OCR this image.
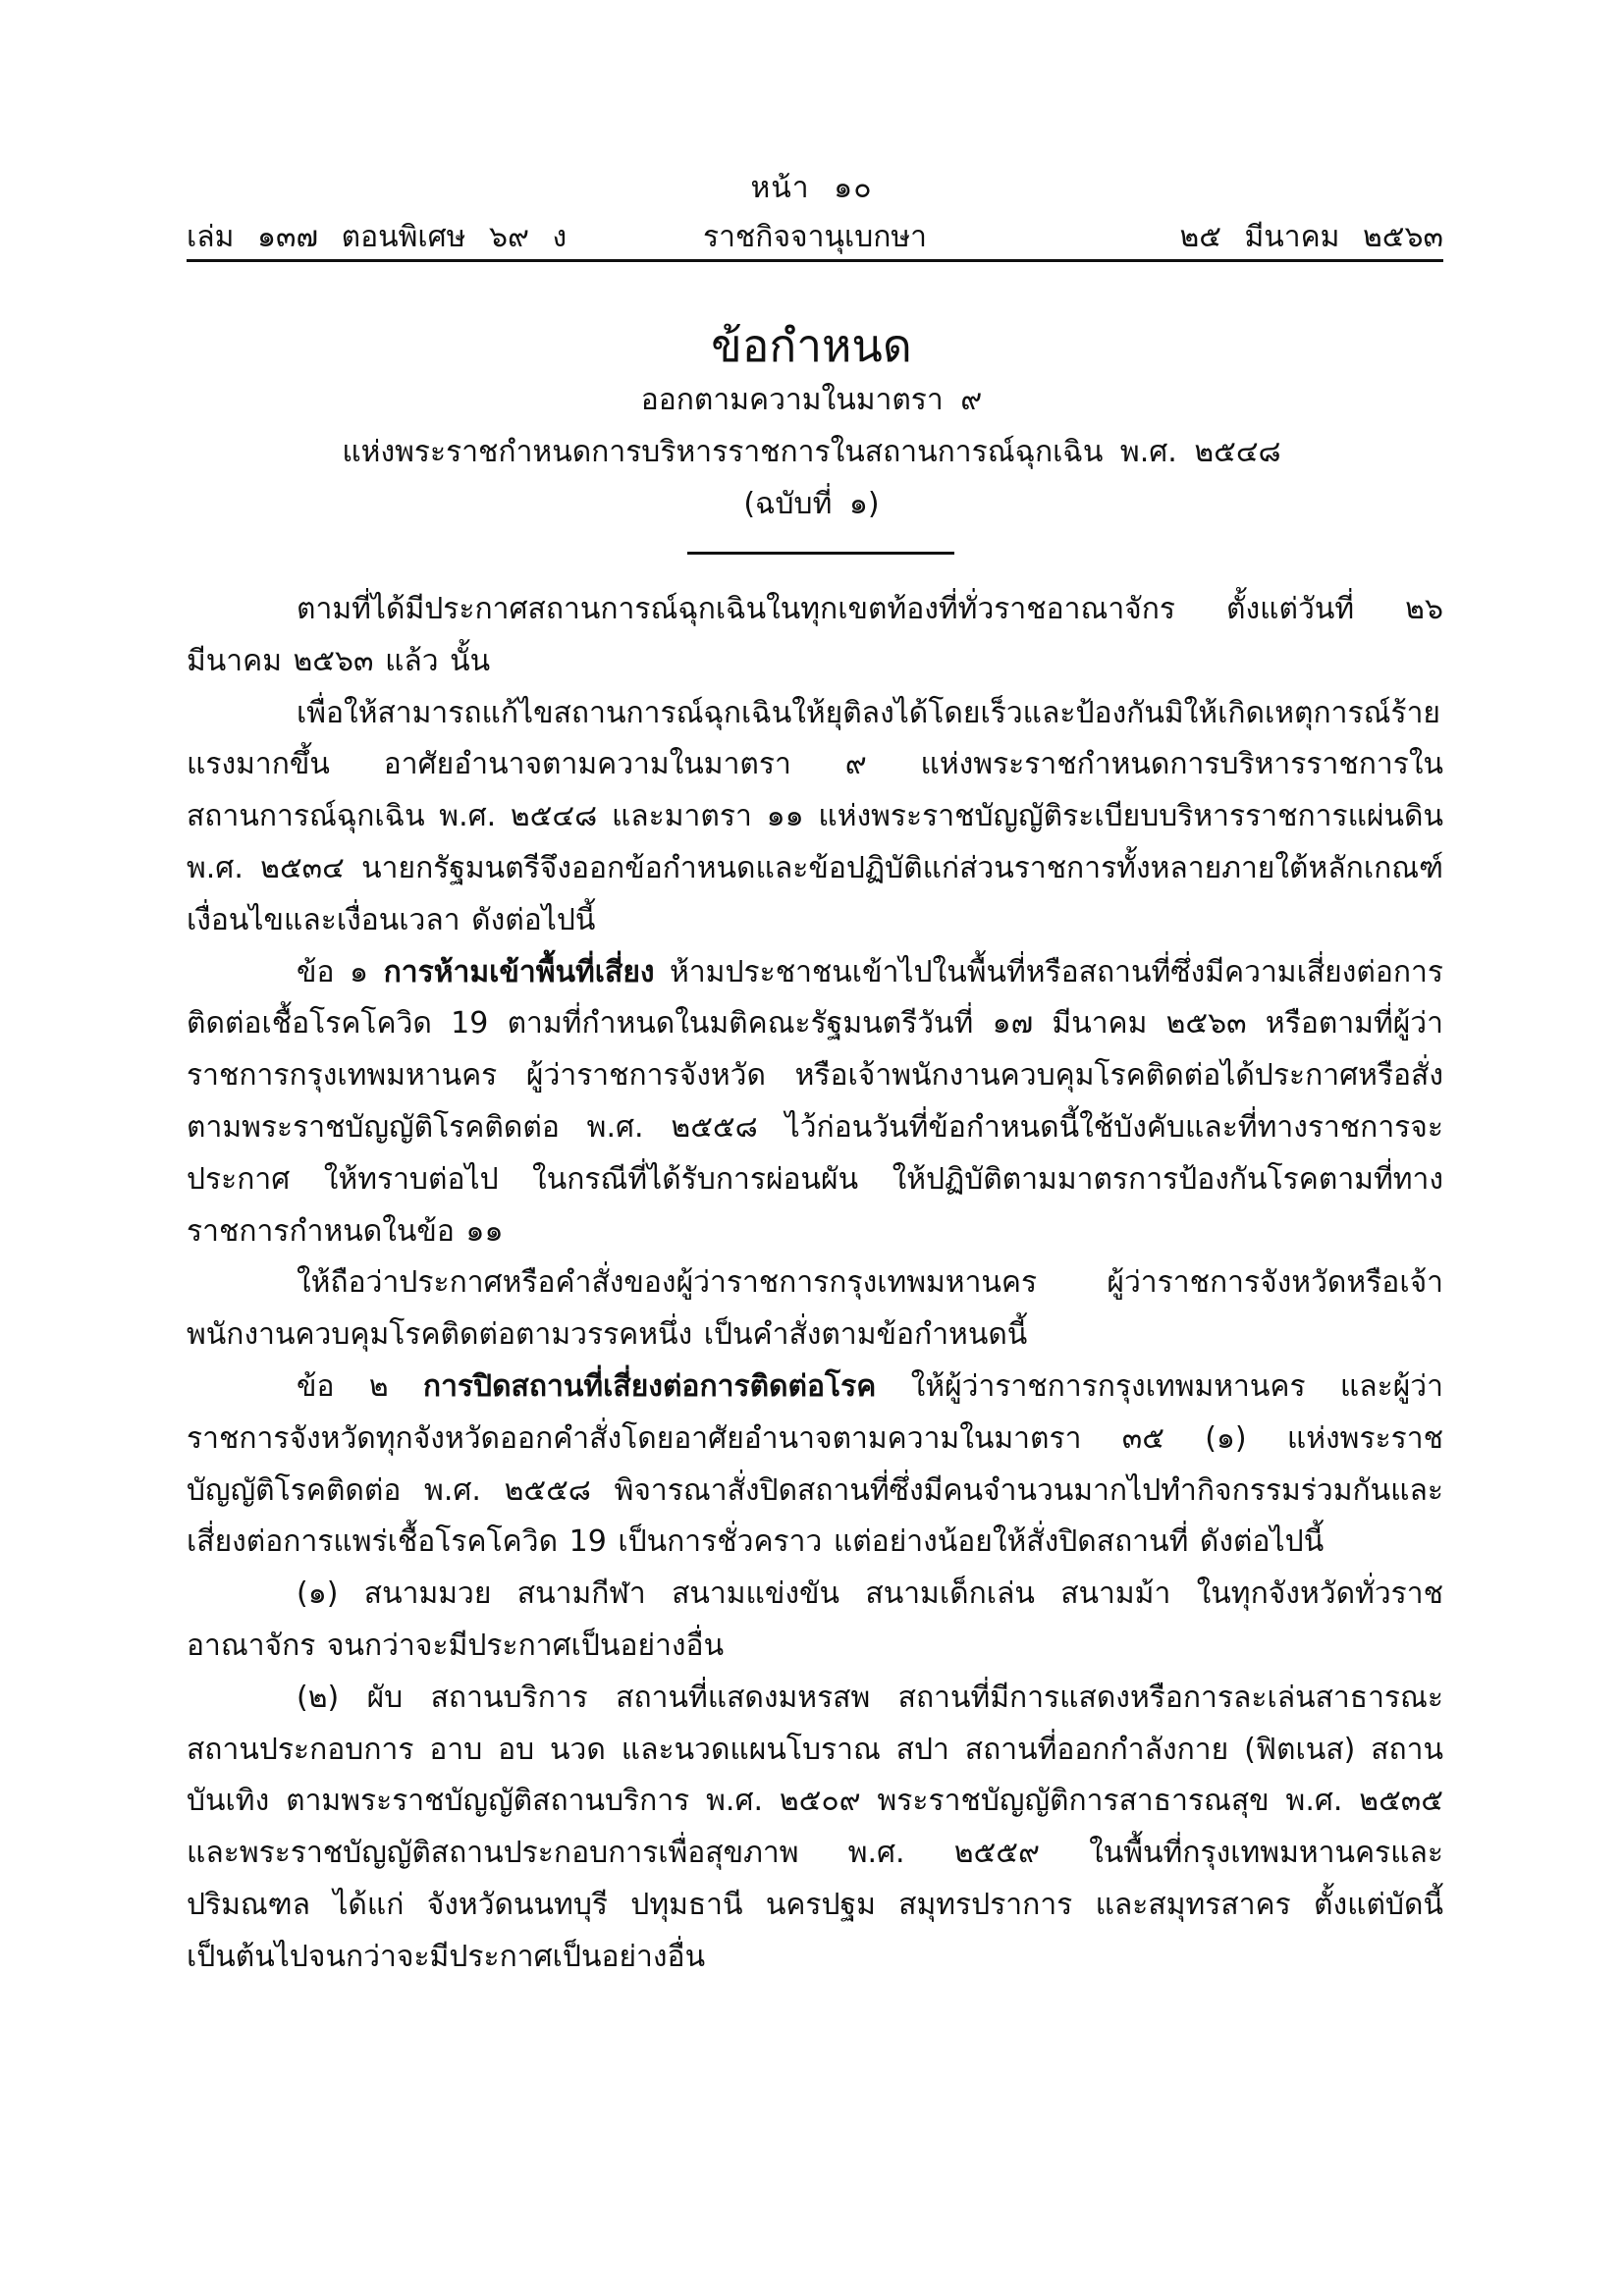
หน้า ๑๐
เล่ม ๑๓๗ ตอนพิเศษ ๖๙ ง	ราชกิจจานุเบกษา	๒๕ มีนาคม ๒๕๖๓
ข้อกำหนด
ออกตามความในมาตรา ๙
แห่งพระราชกำหนดการบริหารราชการในสถานการณ์ฉุกเฉิน พ.ศ. ๒๕๔๘
(ฉบับที่ ๑)

ตามที่ได้มีประกาศสถานการณ์ฉุกเฉินในทุกเขตท้องที่ทั่วราชอาณาจักร ตั้งแต่วันที่ ๒๖ มีนาคม ๒๕๖๓ แล้ว นั้น

เพื่อให้สามารถแก้ไขสถานการณ์ฉุกเฉินให้ยุติลงได้โดยเร็วและป้องกันมิให้เกิดเหตุการณ์ร้ายแรงมากขึ้น อาศัยอำนาจตามความในมาตรา ๙ แห่งพระราชกำหนดการบริหารราชการในสถานการณ์ฉุกเฉิน พ.ศ. ๒๕๔๘ และมาตรา ๑๑ แห่งพระราชบัญญัติระเบียบบริหารราชการแผ่นดิน พ.ศ. ๒๕๓๔ นายกรัฐมนตรีจึงออกข้อกำหนดและข้อปฏิบัติแก่ส่วนราชการทั้งหลายภายใต้หลักเกณฑ์เงื่อนไขและเงื่อนเวลา ดังต่อไปนี้

ข้อ ๑ การห้ามเข้าพื้นที่เสี่ยง ห้ามประชาชนเข้าไปในพื้นที่หรือสถานที่ซึ่งมีความเสี่ยงต่อการติดต่อเชื้อโรคโควิด 19 ตามที่กำหนดในมติคณะรัฐมนตรีวันที่ ๑๗ มีนาคม ๒๕๖๓ หรือตามที่ผู้ว่าราชการกรุงเทพมหานคร ผู้ว่าราชการจังหวัด หรือเจ้าพนักงานควบคุมโรคติดต่อได้ประกาศหรือสั่งตามพระราชบัญญัติโรคติดต่อ พ.ศ. ๒๕๕๘ ไว้ก่อนวันที่ข้อกำหนดนี้ใช้บังคับและที่ทางราชการจะประกาศ ให้ทราบต่อไป ในกรณีที่ได้รับการผ่อนผัน ให้ปฏิบัติตามมาตรการป้องกันโรคตามที่ทางราชการกำหนดในข้อ ๑๑

ให้ถือว่าประกาศหรือคำสั่งของผู้ว่าราชการกรุงเทพมหานคร ผู้ว่าราชการจังหวัดหรือเจ้าพนักงานควบคุมโรคติดต่อตามวรรคหนึ่ง เป็นคำสั่งตามข้อกำหนดนี้

ข้อ ๒ การปิดสถานที่เสี่ยงต่อการติดต่อโรค ให้ผู้ว่าราชการกรุงเทพมหานคร และผู้ว่าราชการจังหวัดทุกจังหวัดออกคำสั่งโดยอาศัยอำนาจตามความในมาตรา ๓๕ (๑) แห่งพระราชบัญญัติโรคติดต่อ พ.ศ. ๒๕๕๘ พิจารณาสั่งปิดสถานที่ซึ่งมีคนจำนวนมากไปทำกิจกรรมร่วมกันและเสี่ยงต่อการแพร่เชื้อโรคโควิด 19 เป็นการชั่วคราว แต่อย่างน้อยให้สั่งปิดสถานที่ ดังต่อไปนี้

(๑) สนามมวย สนามกีฬา สนามแข่งขัน สนามเด็กเล่น สนามม้า ในทุกจังหวัดทั่วราชอาณาจักร จนกว่าจะมีประกาศเป็นอย่างอื่น

(๒) ผับ สถานบริการ สถานที่แสดงมหรสพ สถานที่มีการแสดงหรือการละเล่นสาธารณะ สถานประกอบการ อาบ อบ นวด และนวดแผนโบราณ สปา สถานที่ออกกำลังกาย (ฟิตเนส) สถานบันเทิง ตามพระราชบัญญัติสถานบริการ พ.ศ. ๒๕๐๙ พระราชบัญญัติการสาธารณสุข พ.ศ. ๒๕๓๕ และพระราชบัญญัติสถานประกอบการเพื่อสุขภาพ พ.ศ. ๒๕๕๙ ในพื้นที่กรุงเทพมหานครและปริมณฑล ได้แก่ จังหวัดนนทบุรี ปทุมธานี นครปฐม สมุทรปราการ และสมุทรสาคร ตั้งแต่บัดนี้เป็นต้นไปจนกว่าจะมีประกาศเป็นอย่างอื่น
